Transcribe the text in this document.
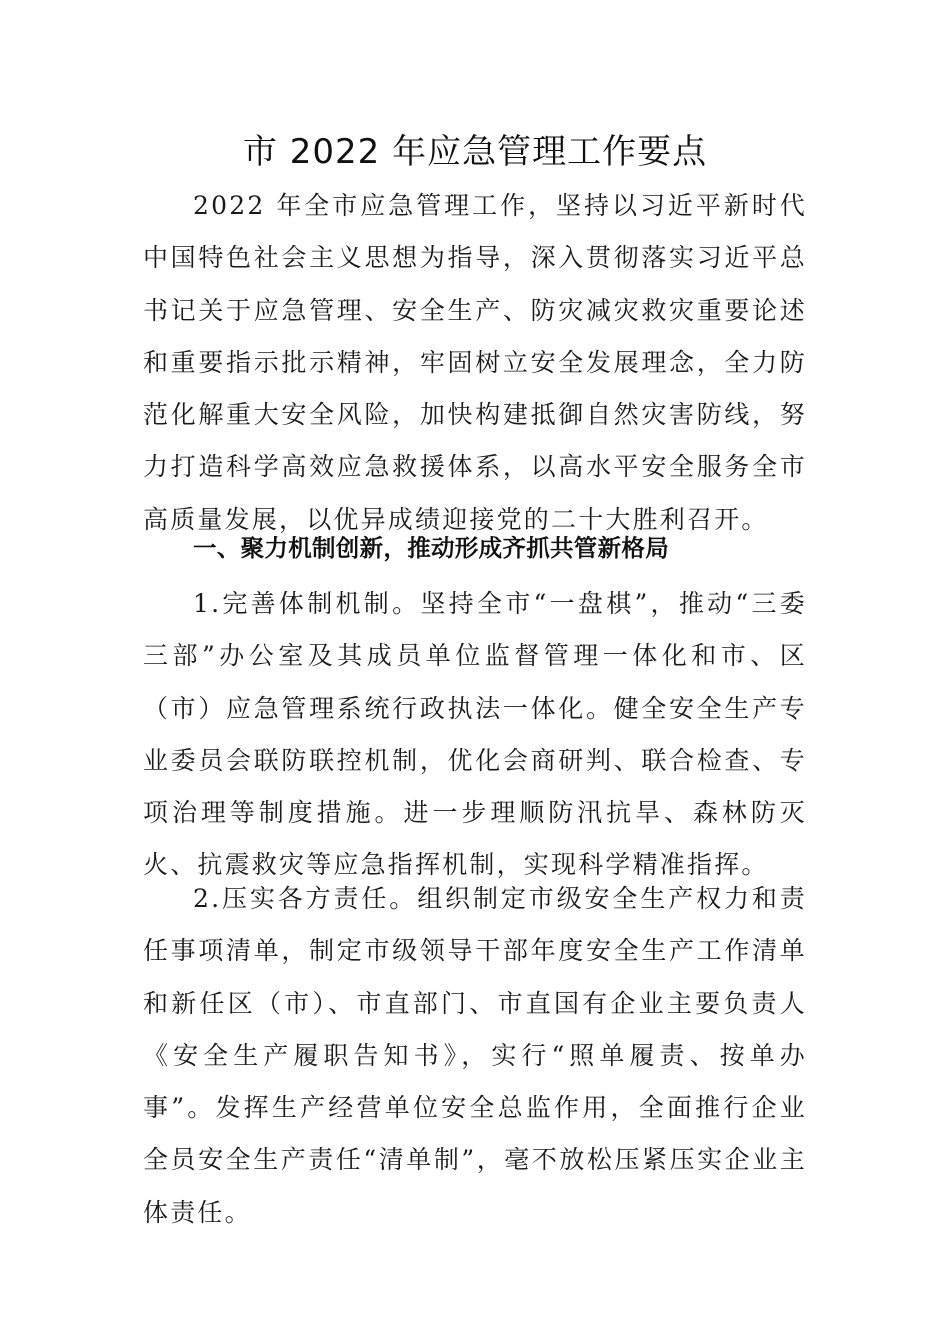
市 2022 年应急管理工作要点

2022 年全市应急管理工作，坚持以习近平新时代中国特色社会主义思想为指导，深入贯彻落实习近平总书记关于应急管理、安全生产、防灾减灾救灾重要论述和重要指示批示精神，牢固树立安全发展理念，全力防范化解重大安全风险，加快构建抵御自然灾害防线，努力打造科学高效应急救援体系，以高水平安全服务全市高质量发展，以优异成绩迎接党的二十大胜利召开。

一、聚力机制创新，推动形成齐抓共管新格局

1.完善体制机制。坚持全市“一盘棋”，推动“三委三部”办公室及其成员单位监督管理一体化和市、区（市）应急管理系统行政执法一体化。健全安全生产专业委员会联防联控机制，优化会商研判、联合检查、专项治理等制度措施。进一步理顺防汛抗旱、森林防灭火、抗震救灾等应急指挥机制，实现科学精准指挥。

2.压实各方责任。组织制定市级安全生产权力和责任事项清单，制定市级领导干部年度安全生产工作清单和新任区（市）、市直部门、市直国有企业主要负责人《安全生产履职告知书》，实行“照单履责、按单办事”。发挥生产经营单位安全总监作用，全面推行企业全员安全生产责任“清单制”，毫不放松压紧压实企业主体责任。
